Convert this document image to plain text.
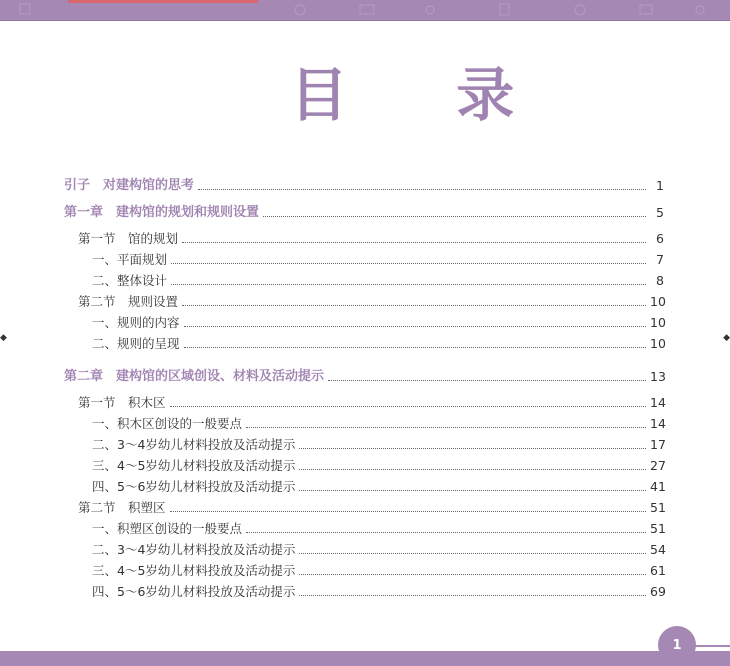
目 录
◆	◆
引子　对建构馆的思考	1
第一章　建构馆的规划和规则设置	5
第一节　馆的规划	6
一、平面规划	7
二、整体设计	8
第二节　规则设置	10
一、规则的内容	10
二、规则的呈现	10
第二章　建构馆的区域创设、材料及活动提示	13
第一节　积木区	14
一、积木区创设的一般要点	14
二、3～4岁幼儿材料投放及活动提示	17
三、4～5岁幼儿材料投放及活动提示	27
四、5～6岁幼儿材料投放及活动提示	41
第二节　积塑区	51
一、积塑区创设的一般要点	51
二、3～4岁幼儿材料投放及活动提示	54
三、4～5岁幼儿材料投放及活动提示	61
四、5～6岁幼儿材料投放及活动提示	69
1
